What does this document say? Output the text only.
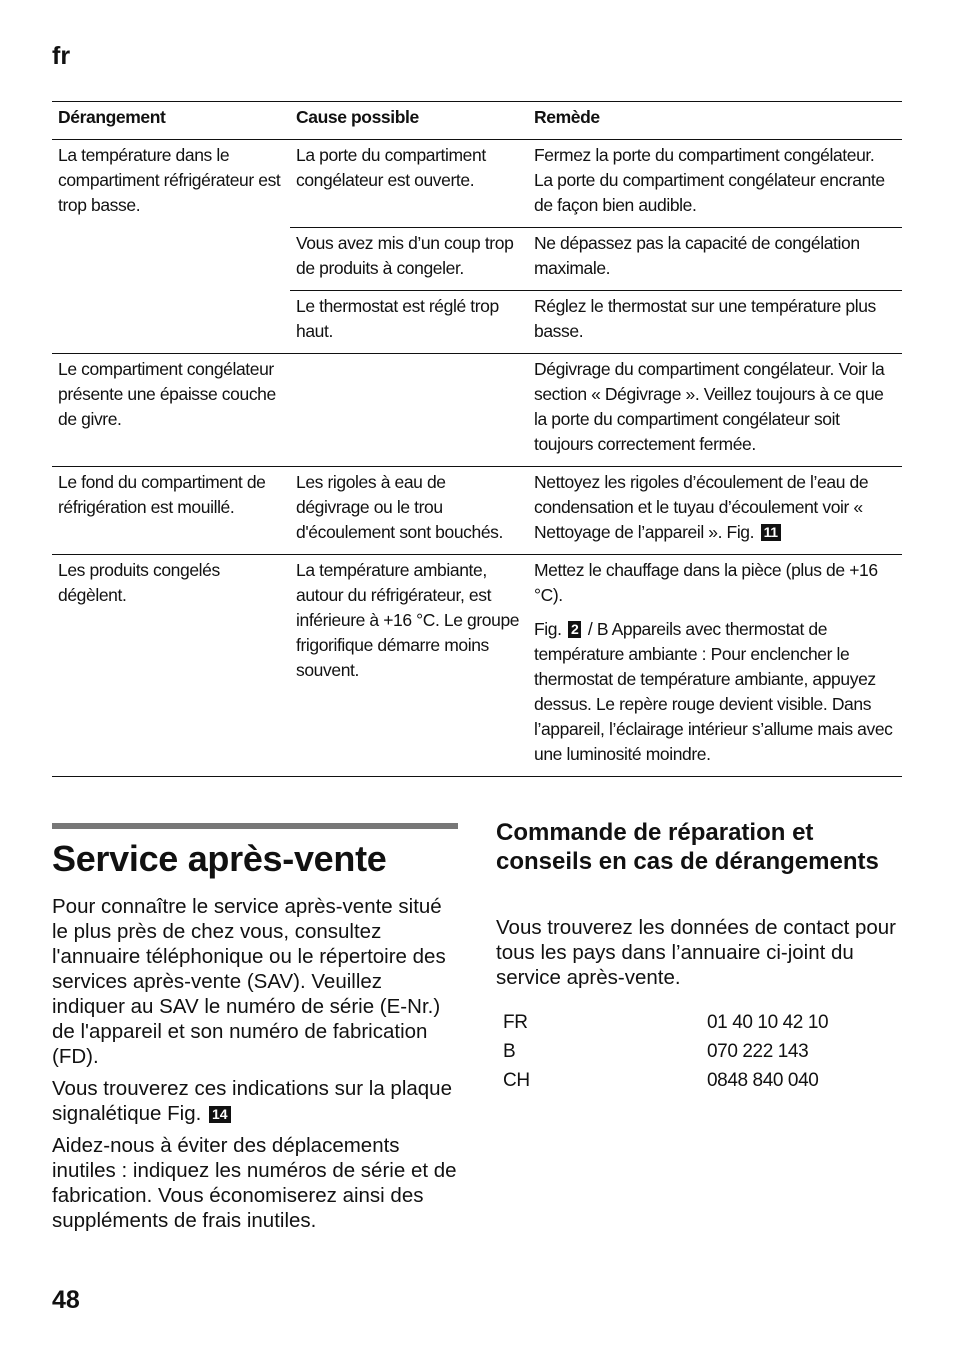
fr
Dérangement	Cause possible	Remède
La température dans le compartiment réfrigérateur est trop basse.	La porte du compartiment congélateur est ouverte.	Fermez la porte du compartiment congélateur. La porte du compartiment congélateur encrante de façon bien audible.
	Vous avez mis d’un coup trop de produits à congeler.	Ne dépassez pas la capacité de congélation maximale.
	Le thermostat est réglé trop haut.	Réglez le thermostat sur une température plus basse.
Le compartiment congélateur présente une épaisse couche de givre.		Dégivrage du compartiment congélateur. Voir la section « Dégivrage ». Veillez toujours à ce que la porte du compartiment congélateur soit toujours correctement fermée.
Le fond du compartiment de réfrigération est mouillé.	Les rigoles à eau de dégivrage ou le trou d'écoulement sont bouchés.	Nettoyez les rigoles d’écoulement de l’eau de condensation et le tuyau d’écoulement voir « Nettoyage de l’appareil ». Fig. 11
Les produits congelés dégèlent.	La température ambiante, autour du réfrigérateur, est inférieure à +16 °C. Le groupe frigorifique démarre moins souvent.	Mettez le chauffage dans la pièce (plus de +16 °C).
Fig. 2 / B Appareils avec thermostat de température ambiante : Pour enclencher le thermostat de température ambiante, appuyez dessus. Le repère rouge devient visible. Dans l’appareil, l’éclairage intérieur s’allume mais avec une luminosité moindre.
Service après-vente

Pour connaître le service après-vente situé le plus près de chez vous, consultez l'annuaire téléphonique ou le répertoire des services après-vente (SAV). Veuillez indiquer au SAV le numéro de série (E-Nr.) de l'appareil et son numéro de fabrication (FD).

Vous trouverez ces indications sur la plaque signalétique Fig. 14

Aidez-nous à éviter des déplacements inutiles : indiquez les numéros de série et de fabrication. Vous économiserez ainsi des suppléments de frais inutiles.

Commande de réparation et conseils en cas de dérangements

Vous trouverez les données de contact pour tous les pays dans l’annuaire ci-joint du service après-vente.

FR	01 40 10 42 10
B	070 222 143
CH	0848 840 040
48
